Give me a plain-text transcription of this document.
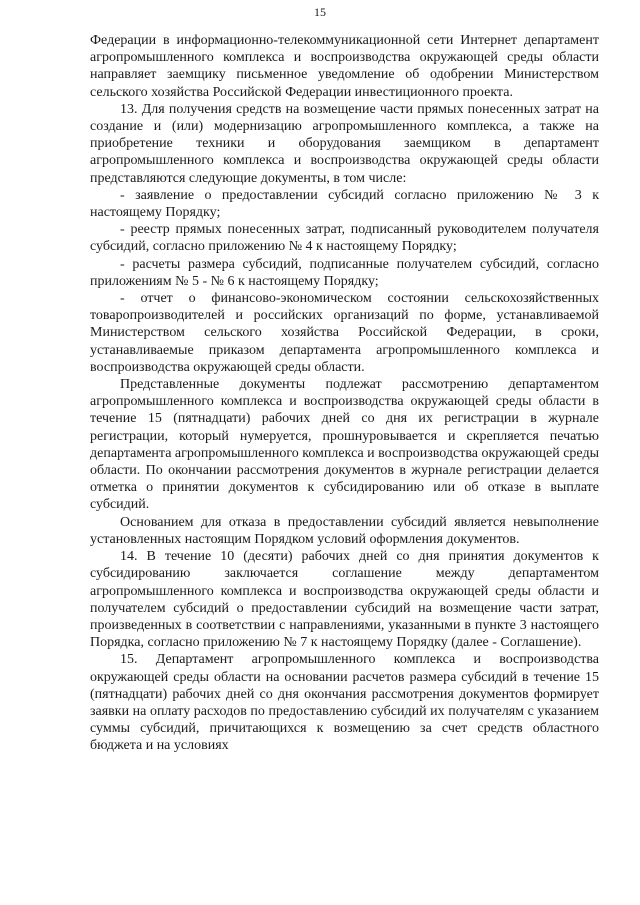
15

Федерации в информационно-телекоммуникационной сети Интернет департамент агропромышленного комплекса и воспроизводства окружающей среды области направляет заемщику письменное уведомление об одобрении Министерством сельского хозяйства Российской Федерации инвестиционного проекта.

13. Для получения средств на возмещение части прямых понесенных затрат на создание и (или) модернизацию агропромышленного комплекса, а также на приобретение техники и оборудования заемщиком в департамент агропромышленного комплекса и воспроизводства окружающей среды области представляются следующие документы, в том числе:

- заявление о предоставлении субсидий согласно приложению № 3 к настоящему Порядку;

- реестр прямых понесенных затрат, подписанный руководителем получателя субсидий, согласно приложению № 4 к настоящему Порядку;

- расчеты размера субсидий, подписанные получателем субсидий, согласно приложениям № 5 - № 6 к настоящему Порядку;

- отчет о финансово-экономическом состоянии сельскохозяйственных товаропроизводителей и российских организаций по форме, устанавливаемой Министерством сельского хозяйства Российской Федерации, в сроки, устанавливаемые приказом департамента агропромышленного комплекса и воспроизводства окружающей среды области.

Представленные документы подлежат рассмотрению департаментом агропромышленного комплекса и воспроизводства окружающей среды области в течение 15 (пятнадцати) рабочих дней со дня их регистрации в журнале регистрации, который нумеруется, прошнуровывается и скрепляется печатью департамента агропромышленного комплекса и воспроизводства окружающей среды области. По окончании рассмотрения документов в журнале регистрации делается отметка о принятии документов к субсидированию или об отказе в выплате субсидий.

Основанием для отказа в предоставлении субсидий является невыполнение установленных настоящим Порядком условий оформления документов.

14. В течение 10 (десяти) рабочих дней со дня принятия документов к субсидированию заключается соглашение между департаментом агропромышленного комплекса и воспроизводства окружающей среды области и получателем субсидий о предоставлении субсидий на возмещение части затрат, произведенных в соответствии с направлениями, указанными в пункте 3 настоящего Порядка, согласно приложению № 7 к настоящему Порядку (далее - Соглашение).

15. Департамент агропромышленного комплекса и воспроизводства окружающей среды области на основании расчетов размера субсидий в течение 15 (пятнадцати) рабочих дней со дня окончания рассмотрения документов формирует заявки на оплату расходов по предоставлению субсидий их получателям с указанием суммы субсидий, причитающихся к возмещению за счет средств областного бюджета и на условиях
